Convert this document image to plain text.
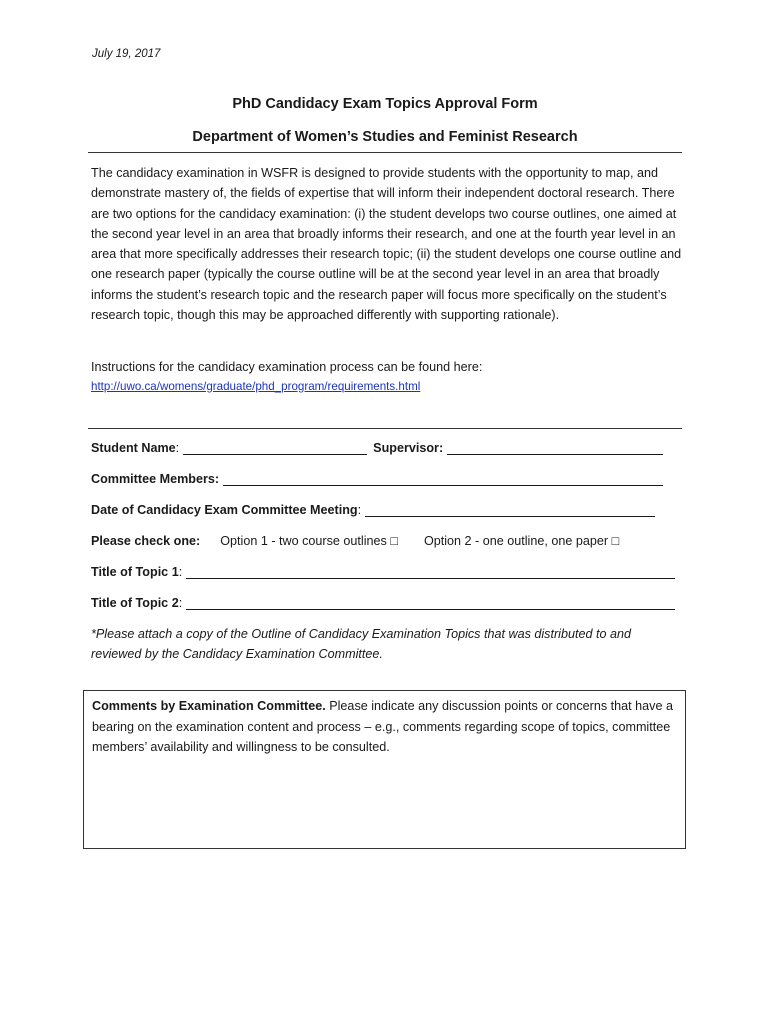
July 19, 2017
PhD Candidacy Exam Topics Approval Form
Department of Women’s Studies and Feminist Research

The candidacy examination in WSFR is designed to provide students with the opportunity to map, and demonstrate mastery of, the fields of expertise that will inform their independent doctoral research. There are two options for the candidacy examination: (i) the student develops two course outlines, one aimed at the second year level in an area that broadly informs their research, and one at the fourth year level in an area that more specifically addresses their research topic; (ii) the student develops one course outline and one research paper (typically the course outline will be at the second year level in an area that broadly informs the student’s research topic and the research paper will focus more specifically on the student’s research topic, though this may be approached differently with supporting rationale).

Instructions for the candidacy examination process can be found here:
http://uwo.ca/womens/graduate/phd_program/requirements.html
Student Name :	Supervisor:
Committee Members:
Date of Candidacy Exam Committee Meeting :
Please check one : Option 1 - two course outlines □ Option 2 - one outline, one paper □
Title of Topic 1 :
Title of Topic 2 :

*Please attach a copy of the Outline of Candidacy Examination Topics that was distributed to and reviewed by the Candidacy Examination Committee.

Comments by Examination Committee. Please indicate any discussion points or concerns that have a bearing on the examination content and process – e.g., comments regarding scope of topics, committee members’ availability and willingness to be consulted.
